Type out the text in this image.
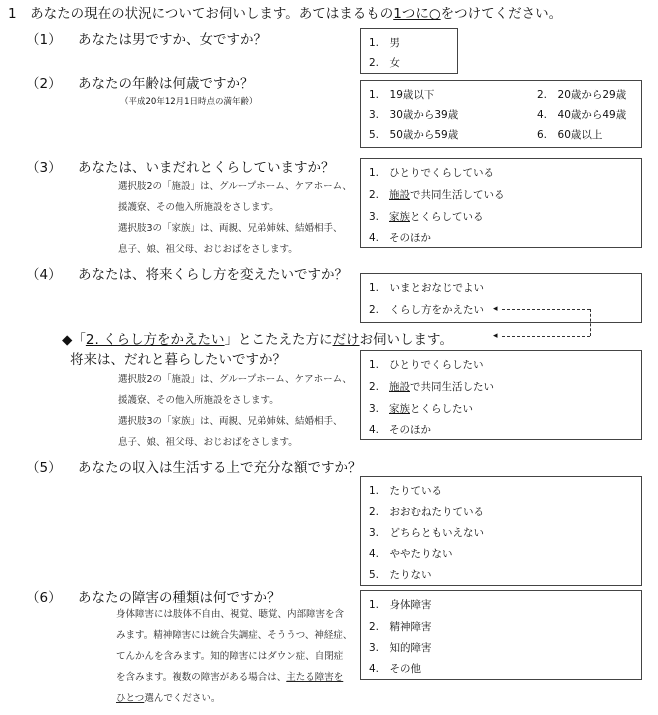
1　あなたの現在の状況についてお伺いします。あてはまるもの1つに○をつけてください。
（1） あなたは男ですか、女ですか？	1.　男
2.　女
（2） あなたの年齢は何歳ですか？
（平成20年12月1日時点の満年齢）
1.　19歳以下	2.　20歳から29歳
3.　30歳から39歳	4.　40歳から49歳
5.　50歳から59歳	6.　60歳以上
（3） あなたは、いまだれとくらしていますか？
選択肢2の「施設」は、グループホーム、ケアホーム、
援護寮、その他入所施設をさします。
選択肢3の「家族」は、両親、兄弟姉妹、結婚相手、
息子、娘、祖父母、おじおばをさします。
1. ひとりでくらしている
2. 施設で共同生活している
3. 家族とくらしている
4. そのほか
（4） あなたは、将来くらし方を変えたいですか？
1.　いまとおなじでよい
2.　くらし方をかえたい ◂
◂
◆「2. くらし方をかえたい」とこたえた方にだけお伺いします。
将来は、だれと暮らしたいですか？
選択肢2の「施設」は、グループホーム、ケアホーム、
援護寮、その他入所施設をさします。
選択肢3の「家族」は、両親、兄弟姉妹、結婚相手、
息子、娘、祖父母、おじおばをさします。
1. ひとりでくらしたい
2. 施設で共同生活したい
3. 家族とくらしたい
4. そのほか
（5） あなたの収入は生活する上で充分な額ですか？
1.　たりている
2.　おおむねたりている
3.　どちらともいえない
4.　ややたりない
5.　たりない
（6） あなたの障害の種類は何ですか？
身体障害には肢体不自由、視覚、聴覚、内部障害を含
みます。精神障害には統合失調症、そううつ、神経症、
てんかんを含みます。知的障害にはダウン症、自閉症
を含みます。複数の障害がある場合は、主たる障害を
ひとつ選んでください。
1.　身体障害
2.　精神障害
3.　知的障害
4.　その他
